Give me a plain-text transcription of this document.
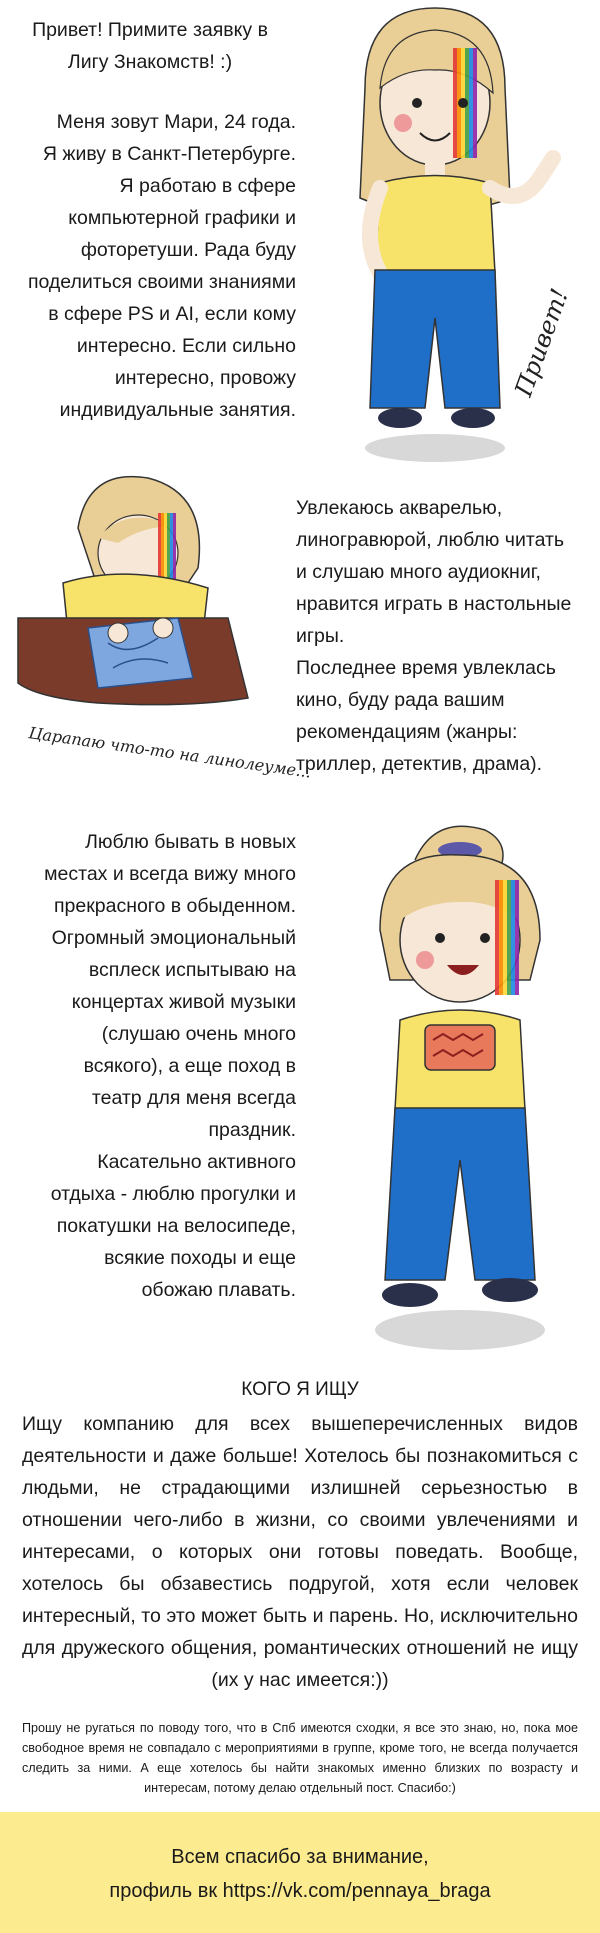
Привет! Примите заявку в
Лигу Знакомств! :)

Меня зовут Мари, 24 года.
Я живу в Санкт-Петербурге.
Я работаю в сфере
компьютерной графики и
фоторетуши. Рада буду
поделиться своими знаниями
в сфере PS и AI, если кому
интересно. Если сильно
интересно, провожу
индивидуальные занятия.

Привет!
Царапаю что-то на линолеуме...

Увлекаюсь акварелью,
линогравюрой, люблю читать
и слушаю много аудиокниг,
нравится играть в настольные
игры.
Последнее время увлеклась
кино, буду рада вашим
рекомендациям (жанры:
триллер, детектив, драма).

Люблю бывать в новых
местах и всегда вижу много
прекрасного в обыденном.
Огромный эмоциональный
всплеск испытываю на
концертах живой музыки
(слушаю очень много
всякого), а еще поход в
театр для меня всегда
праздник.
Касательно активного
отдыха - люблю прогулки и
покатушки на велосипеде,
всякие походы и еще
обожаю плавать.

КОГО Я ИЩУ

Ищу компанию для всех вышеперечисленных видов деятельности и даже больше! Хотелось бы познакомиться с людьми, не страдающими излишней серьезностью в отношении чего-либо в жизни, со своими увлечениями и интересами, о которых они готовы поведать. Вообще, хотелось бы обзавестись подругой, хотя если человек интересный, то это может быть и парень. Но, исключительно для дружеского общения, романтических отношений не ищу (их у нас имеется:))

Прошу не ругаться по поводу того, что в Спб имеются сходки, я все это знаю, но, пока мое свободное время не совпадало с мероприятиями в группе, кроме того, не всегда получается следить за ними. А еще хотелось бы найти знакомых именно близких по возрасту и интересам, потому делаю отдельный пост. Спасибо:)

Всем спасибо за внимание,
профиль вк https://vk.com/pennaya_braga
